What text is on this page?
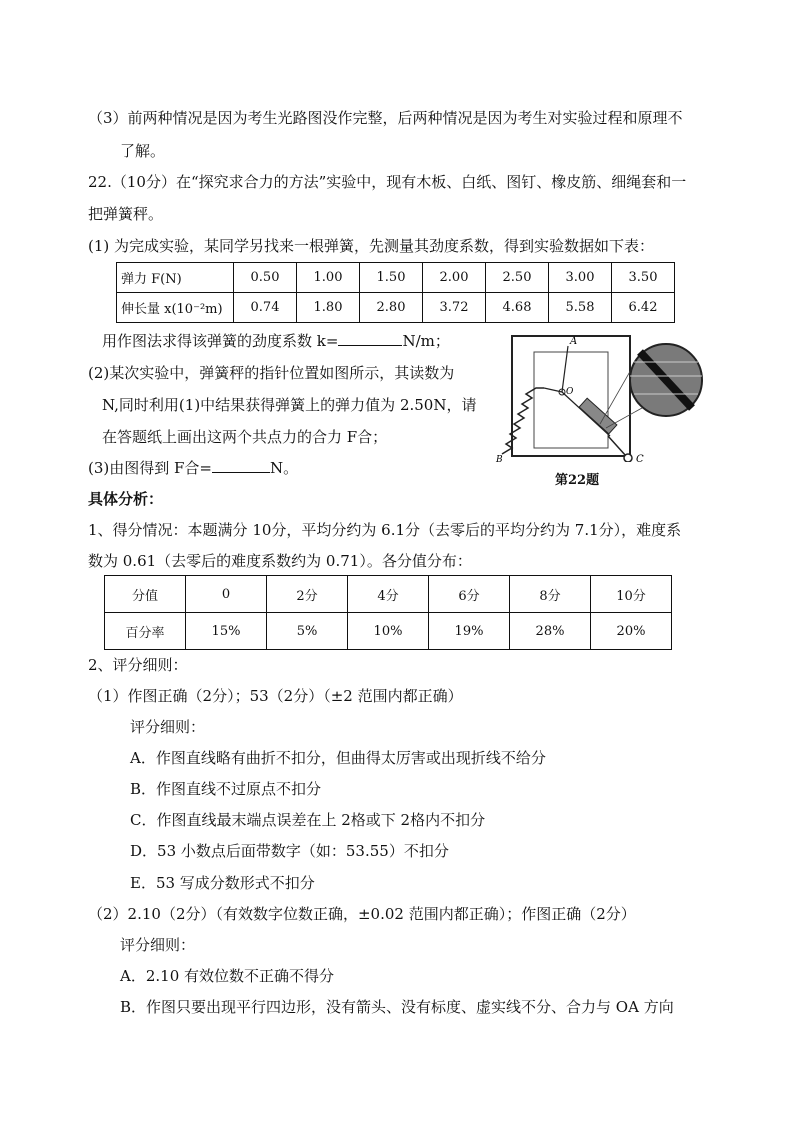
（3）前两种情况是因为考生光路图没作完整，后两种情况是因为考生对实验过程和原理不
了解。
22.（10分）在“探究求合力的方法”实验中，现有木板、白纸、图钉、橡皮筋、细绳套和一
把弹簧秤。
(1) 为完成实验，某同学另找来一根弹簧，先测量其劲度系数，得到实验数据如下表：
弹力 F(N)	0.50	1.00	1.50	2.00	2.50	3.00	3.50
伸长量 x(10⁻²m)	0.74	1.80	2.80	3.72	4.68	5.58	6.42
用作图法求得该弹簧的劲度系数 k=	N/m；
(2)某次实验中，弹簧秤的指针位置如图所示，其读数为
N,同时利用(1)中结果获得弹簧上的弹力值为 2.50N，请
在答题纸上画出这两个共点力的合力 F合；
(3)由图得到 F合=	N。
A
O
B	C
第22题
具体分析：
1、得分情况：本题满分 10分，平均分约为 6.1分（去零后的平均分约为 7.1分），难度系
数为 0.61（去零后的难度系数约为 0.71）。各分值分布：
分值	0	2分	4分	6分	8分	10分
百分率	15%	5%	10%	19%	28%	20%
2、评分细则：
（1）作图正确（2分）；53（2分）（±2 范围内都正确）
评分细则：
A．作图直线略有曲折不扣分，但曲得太厉害或出现折线不给分
B．作图直线不过原点不扣分
C．作图直线最末端点误差在上 2格或下 2格内不扣分
D．53 小数点后面带数字（如：53.55）不扣分
E．53 写成分数形式不扣分
（2）2.10（2分）（有效数字位数正确，±0.02 范围内都正确）；作图正确（2分）
评分细则：
A．2.10 有效位数不正确不得分
B．作图只要出现平行四边形，没有箭头、没有标度、虚实线不分、合力与 OA 方向
